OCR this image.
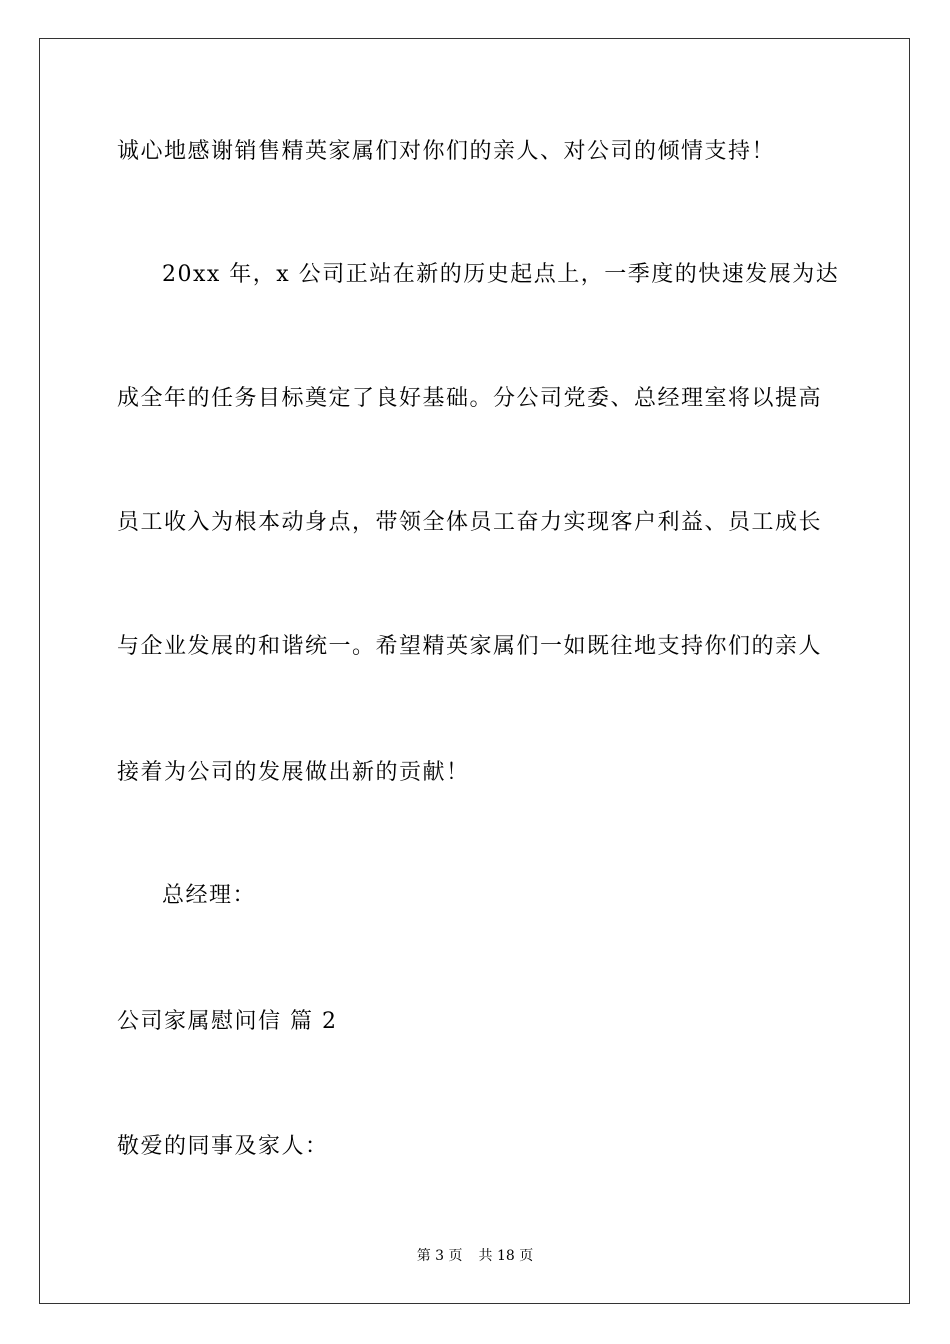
诚心地感谢销售精英家属们对你们的亲人、对公司的倾情支持！
20xx 年，x 公司正站在新的历史起点上，一季度的快速发展为达
成全年的任务目标奠定了良好基础。分公司党委、总经理室将以提高
员工收入为根本动身点，带领全体员工奋力实现客户利益、员工成长
与企业发展的和谐统一。希望精英家属们一如既往地支持你们的亲人
接着为公司的发展做出新的贡献！
总经理：
公司家属慰问信 篇 2
敬爱的同事及家人：
第 3 页 共 18 页
